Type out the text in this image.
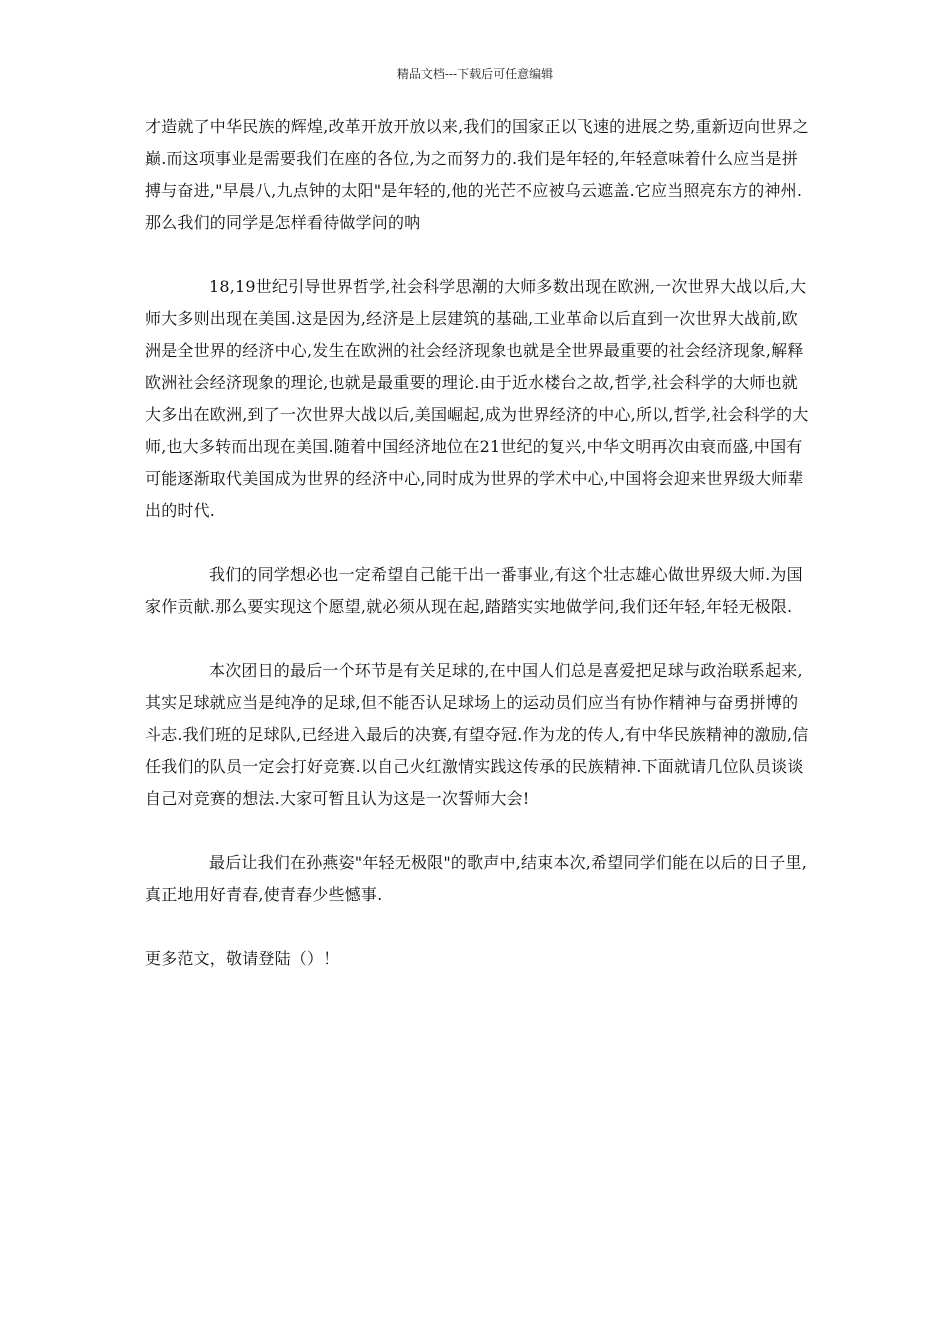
精品文档---下载后可任意编辑

才造就了中华民族的辉煌,改革开放开放以来,我们的国家正以飞速的进展之势,重新迈向世界之巅.而这项事业是需要我们在座的各位,为之而努力的.我们是年轻的,年轻意味着什么应当是拼搏与奋进,"早晨八,九点钟的太阳"是年轻的,他的光芒不应被乌云遮盖.它应当照亮东方的神州.那么我们的同学是怎样看待做学问的呐

18,19世纪引导世界哲学,社会科学思潮的大师多数出现在欧洲,一次世界大战以后,大师大多则出现在美国.这是因为,经济是上层建筑的基础,工业革命以后直到一次世界大战前,欧洲是全世界的经济中心,发生在欧洲的社会经济现象也就是全世界最重要的社会经济现象,解释欧洲社会经济现象的理论,也就是最重要的理论.由于近水楼台之故,哲学,社会科学的大师也就大多出在欧洲,到了一次世界大战以后,美国崛起,成为世界经济的中心,所以,哲学,社会科学的大师,也大多转而出现在美国.随着中国经济地位在21世纪的复兴,中华文明再次由衰而盛,中国有可能逐渐取代美国成为世界的经济中心,同时成为世界的学术中心,中国将会迎来世界级大师辈出的时代.

我们的同学想必也一定希望自己能干出一番事业,有这个壮志雄心做世界级大师.为国家作贡献.那么要实现这个愿望,就必须从现在起,踏踏实实地做学问,我们还年轻,年轻无极限.

本次团日的最后一个环节是有关足球的,在中国人们总是喜爱把足球与政治联系起来,其实足球就应当是纯净的足球,但不能否认足球场上的运动员们应当有协作精神与奋勇拼博的斗志.我们班的足球队,已经进入最后的决赛,有望夺冠.作为龙的传人,有中华民族精神的激励,信任我们的队员一定会打好竞赛.以自己火红激情实践这传承的民族精神.下面就请几位队员谈谈自己对竞赛的想法.大家可暂且认为这是一次誓师大会!

最后让我们在孙燕姿"年轻无极限"的歌声中,结束本次,希望同学们能在以后的日子里,真正地用好青春,使青春少些憾事.

更多范文，敬请登陆（）！
